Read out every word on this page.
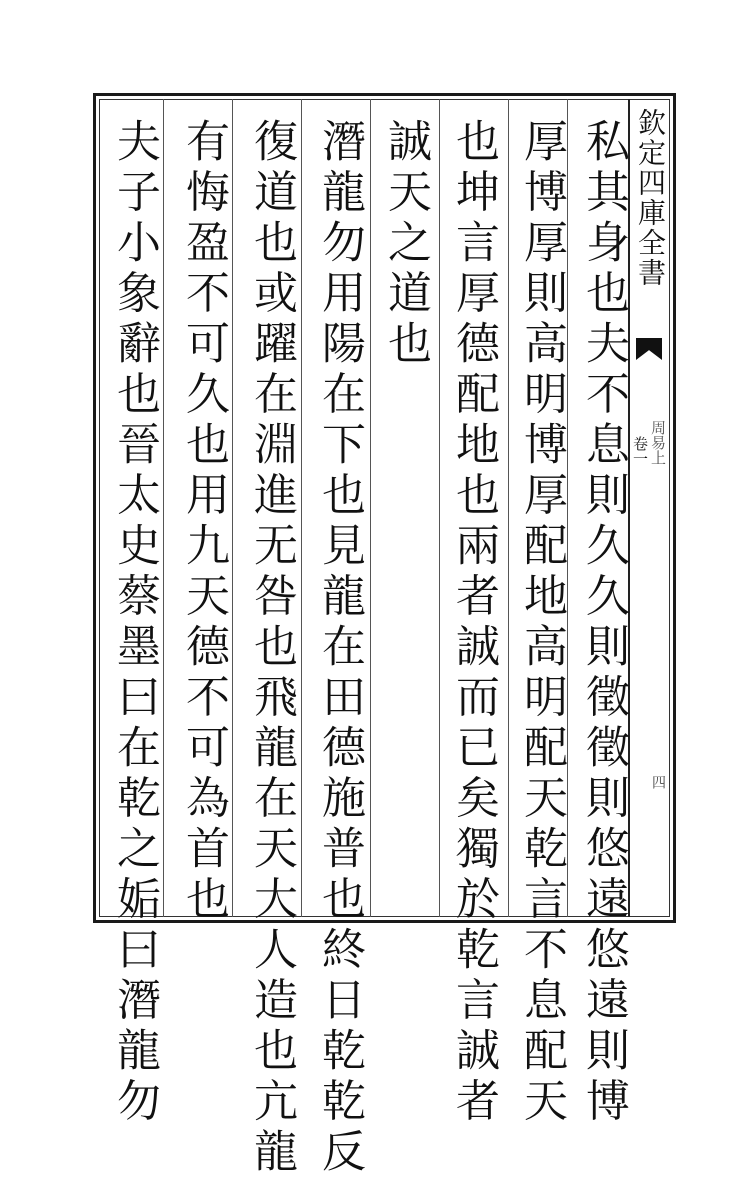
欽定四庫全書
卷一 周易上
四
私其身也夫不息則久久則徵徵則悠遠悠遠則博
厚博厚則高明博厚配地高明配天乾言不息配天
也坤言厚德配地也兩者誠而已矣獨於乾言誠者
誠天之道也
潛龍勿用陽在下也見龍在田德施普也終日乾乾反
復道也或躍在淵進无咎也飛龍在天大人造也亢龍
有悔盈不可久也用九天德不可為首也
夫子小象辭也晉太史蔡墨曰在乾之姤曰潛龍勿
